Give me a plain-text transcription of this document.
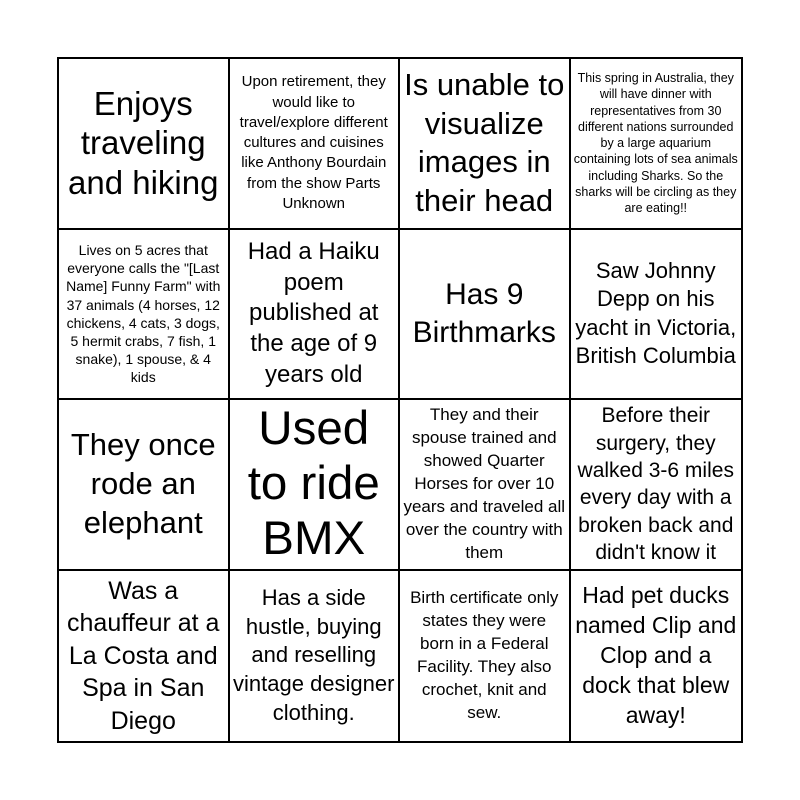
Enjoys traveling and hiking
Upon retirement, they would like to travel/explore different cultures and cuisines like Anthony Bourdain from the show Parts Unknown
Is unable to visualize images in their head
This spring in Australia, they will have dinner with representatives from 30 different nations surrounded by a large aquarium containing lots of sea animals including Sharks. So the sharks will be circling as they are eating!!
Lives on 5 acres that everyone calls the "[Last Name] Funny Farm" with 37 animals (4 horses, 12 chickens, 4 cats, 3 dogs, 5 hermit crabs, 7 fish, 1 snake), 1 spouse, & 4 kids
Had a Haiku poem published at the age of 9 years old
Has 9 Birthmarks
Saw Johnny Depp on his yacht in Victoria, British Columbia
They once rode an elephant
Used to ride BMX
They and their spouse trained and showed Quarter Horses for over 10 years and traveled all over the country with them
Before their surgery, they walked 3-6 miles every day with a broken back and didn't know it
Was a chauffeur at a La Costa and Spa in San Diego
Has a side hustle, buying and reselling vintage designer clothing.
Birth certificate only states they were born in a Federal Facility. They also crochet, knit and sew.
Had pet ducks named Clip and Clop and a dock that blew away!
